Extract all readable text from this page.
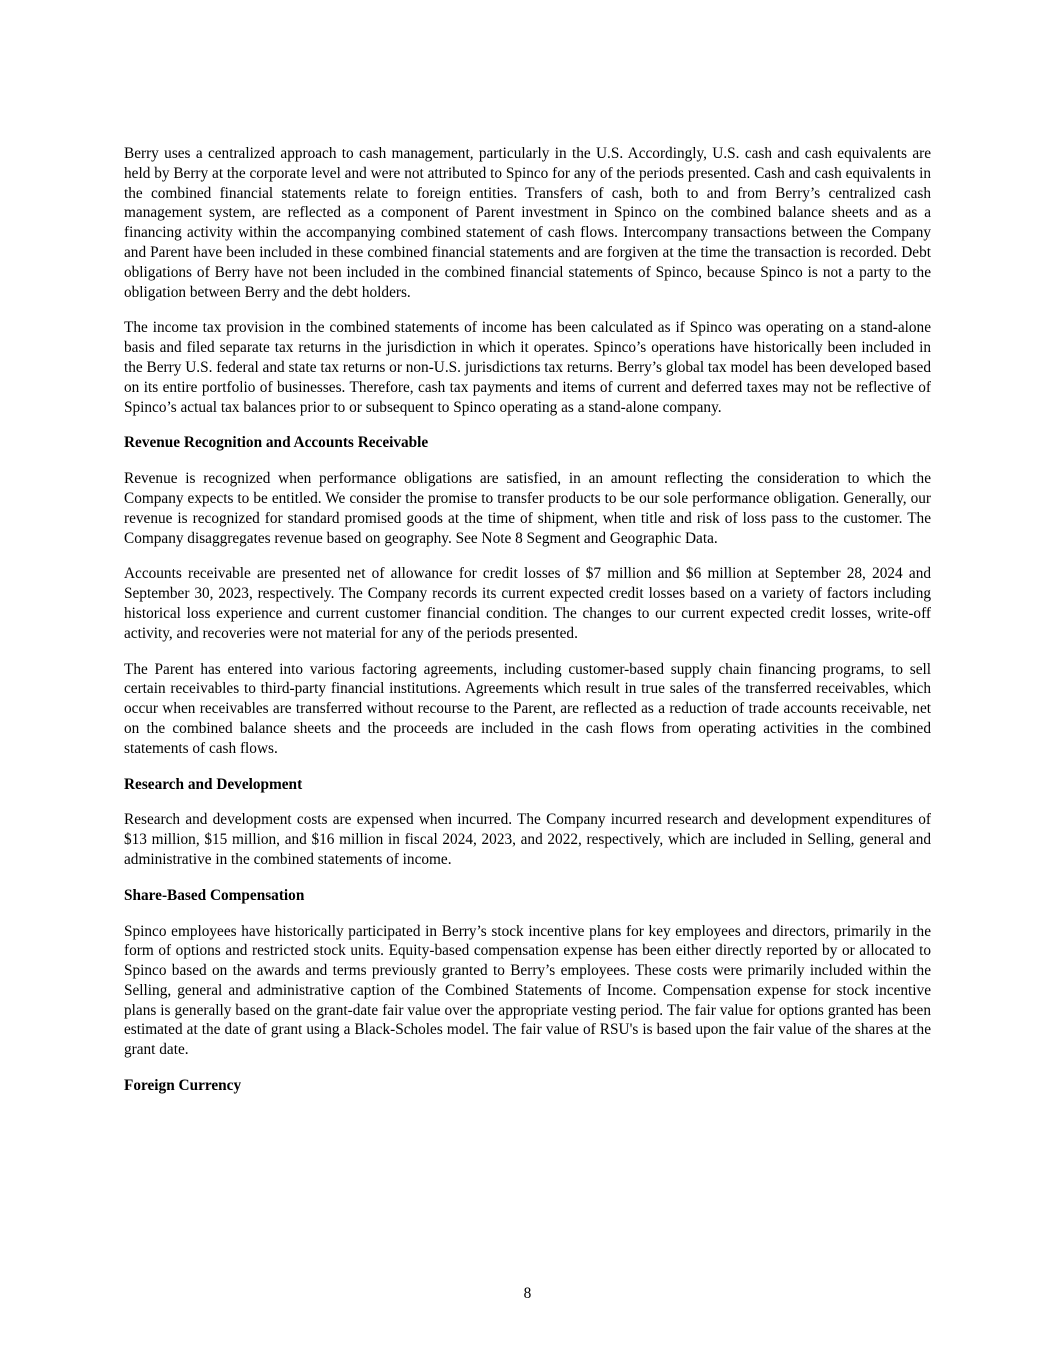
Berry uses a centralized approach to cash management, particularly in the U.S. Accordingly, U.S. cash and cash equivalents are held by Berry at the corporate level and were not attributed to Spinco for any of the periods presented. Cash and cash equivalents in the combined financial statements relate to foreign entities. Transfers of cash, both to and from Berry’s centralized cash management system, are reflected as a component of Parent investment in Spinco on the combined balance sheets and as a financing activity within the accompanying combined statement of cash flows. Intercompany transactions between the Company and Parent have been included in these combined financial statements and are forgiven at the time the transaction is recorded. Debt obligations of Berry have not been included in the combined financial statements of Spinco, because Spinco is not a party to the obligation between Berry and the debt holders.

The income tax provision in the combined statements of income has been calculated as if Spinco was operating on a stand-alone basis and filed separate tax returns in the jurisdiction in which it operates. Spinco’s operations have historically been included in the Berry U.S. federal and state tax returns or non-U.S. jurisdictions tax returns. Berry’s global tax model has been developed based on its entire portfolio of businesses. Therefore, cash tax payments and items of current and deferred taxes may not be reflective of Spinco’s actual tax balances prior to or subsequent to Spinco operating as a stand-alone company.

Revenue Recognition and Accounts Receivable

Revenue is recognized when performance obligations are satisfied, in an amount reflecting the consideration to which the Company expects to be entitled. We consider the promise to transfer products to be our sole performance obligation. Generally, our revenue is recognized for standard promised goods at the time of shipment, when title and risk of loss pass to the customer. The Company disaggregates revenue based on geography. See Note 8 Segment and Geographic Data.

Accounts receivable are presented net of allowance for credit losses of $7 million and $6 million at September 28, 2024 and September 30, 2023, respectively. The Company records its current expected credit losses based on a variety of factors including historical loss experience and current customer financial condition. The changes to our current expected credit losses, write-off activity, and recoveries were not material for any of the periods presented.

The Parent has entered into various factoring agreements, including customer-based supply chain financing programs, to sell certain receivables to third-party financial institutions. Agreements which result in true sales of the transferred receivables, which occur when receivables are transferred without recourse to the Parent, are reflected as a reduction of trade accounts receivable, net on the combined balance sheets and the proceeds are included in the cash flows from operating activities in the combined statements of cash flows.

Research and Development

Research and development costs are expensed when incurred. The Company incurred research and development expenditures of $13 million, $15 million, and $16 million in fiscal 2024, 2023, and 2022, respectively, which are included in Selling, general and administrative in the combined statements of income.

Share-Based Compensation

Spinco employees have historically participated in Berry’s stock incentive plans for key employees and directors, primarily in the form of options and restricted stock units. Equity-based compensation expense has been either directly reported by or allocated to Spinco based on the awards and terms previously granted to Berry’s employees. These costs were primarily included within the Selling, general and administrative caption of the Combined Statements of Income. Compensation expense for stock incentive plans is generally based on the grant-date fair value over the appropriate vesting period. The fair value for options granted has been estimated at the date of grant using a Black-Scholes model. The fair value of RSU's is based upon the fair value of the shares at the grant date.

Foreign Currency
8
